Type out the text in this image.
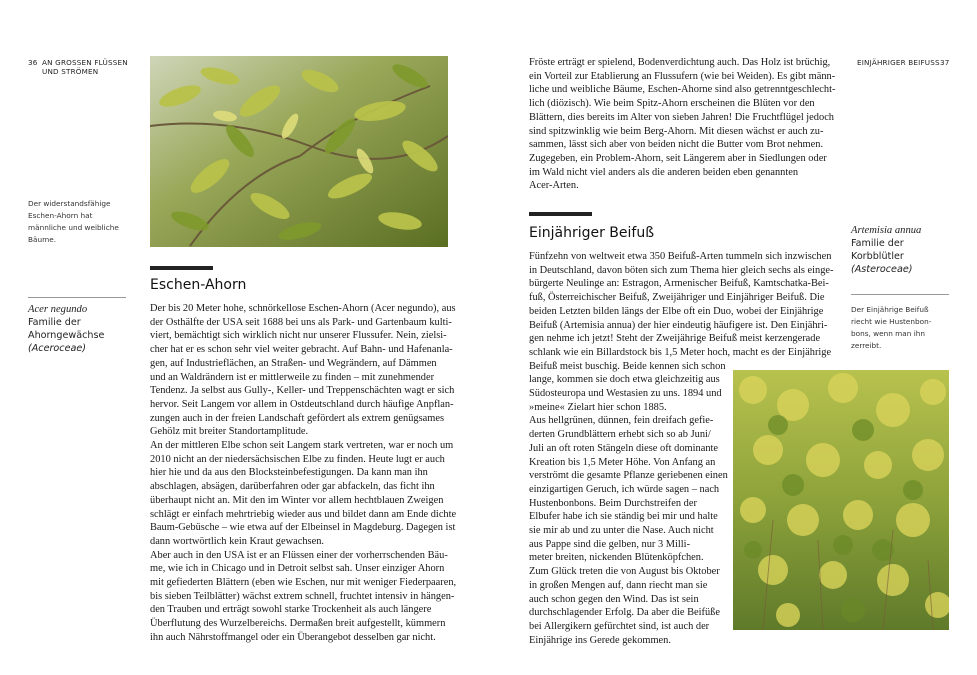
36 AN GROSSEN FLÜSSEN
UND STRÖMEN
Der widerstandsfähige
Eschen-Ahorn hat
männliche und weibliche
Bäume.
Eschen-Ahorn
Acer negundo
Familie der
Ahorngewächse
(Aceroceae)
Der bis 20 Meter hohe, schnörkellose Eschen-Ahorn (Acer negundo), aus
der Osthälfte der USA seit 1688 bei uns als Park- und Gartenbaum kulti-
viert, bemächtigt sich wirklich nicht nur unserer Flussufer. Nein, zielsi-
cher hat er es schon sehr viel weiter gebracht. Auf Bahn- und Hafenanla-
gen, auf Industrieflächen, an Straßen- und Wegrändern, auf Dämmen
und an Waldrändern ist er mittlerweile zu finden – mit zunehmender
Tendenz. Ja selbst aus Gully-, Keller- und Treppenschächten wagt er sich
hervor. Seit Langem vor allem in Ostdeutschland durch häufige Anpflan-
zungen auch in der freien Landschaft gefördert als extrem genügsames
Gehölz mit breiter Standortamplitude.
An der mittleren Elbe schon seit Langem stark vertreten, war er noch um
2010 nicht an der niedersächsischen Elbe zu finden. Heute lugt er auch
hier hie und da aus den Blocksteinbefestigungen. Da kann man ihn
abschlagen, absägen, darüberfahren oder gar abfackeln, das ficht ihn
überhaupt nicht an. Mit den im Winter vor allem hechtblauen Zweigen
schlägt er einfach mehrtriebig wieder aus und bildet dann am Ende dichte
Baum-Gebüsche – wie etwa auf der Elbeinsel in Magdeburg. Dagegen ist
dann wortwörtlich kein Kraut gewachsen.
Aber auch in den USA ist er an Flüssen einer der vorherrschenden Bäu-
me, wie ich in Chicago und in Detroit selbst sah. Unser einziger Ahorn
mit gefiederten Blättern (eben wie Eschen, nur mit weniger Fiederpaaren,
bis sieben Teilblätter) wächst extrem schnell, fruchtet intensiv in hängen-
den Trauben und erträgt sowohl starke Trockenheit als auch längere
Überflutung des Wurzelbereichs. Dermaßen breit aufgestellt, kümmern
ihn auch Nährstoffmangel oder ein Überangebot desselben gar nicht.
EINJÄHRIGER BEIFUSS 37
Fröste erträgt er spielend, Bodenverdichtung auch. Das Holz ist brüchig,
ein Vorteil zur Etablierung an Flussufern (wie bei Weiden). Es gibt männ-
liche und weibliche Bäume, Eschen-Ahorne sind also getrenntgeschlecht-
lich (diözisch). Wie beim Spitz-Ahorn erscheinen die Blüten vor den
Blättern, dies bereits im Alter von sieben Jahren! Die Fruchtflügel jedoch
sind spitzwinklig wie beim Berg-Ahorn. Mit diesen wächst er auch zu-
sammen, lässt sich aber von beiden nicht die Butter vom Brot nehmen.
Zugegeben, ein Problem-Ahorn, seit Längerem aber in Siedlungen oder
im Wald nicht viel anders als die anderen beiden eben genannten
Acer-Arten.
Einjähriger Beifuß	Artemisia annua
Familie der
Korbblütler
(Asteroceae)
Der Einjährige Beifuß
riecht wie Hustenbon-
bons, wenn man ihn
zerreibt.
Fünfzehn von weltweit etwa 350 Beifuß-Arten tummeln sich inzwischen
in Deutschland, davon böten sich zum Thema hier gleich sechs als einge-
bürgerte Neulinge an: Estragon, Armenischer Beifuß, Kamtschatka-Bei-
fuß, Österreichischer Beifuß, Zweijähriger und Einjähriger Beifuß. Die
beiden Letzten bilden längs der Elbe oft ein Duo, wobei der Einjährige
Beifuß (Artemisia annua) der hier eindeutig häufigere ist. Den Einjähri-
gen nehme ich jetzt! Steht der Zweijährige Beifuß meist kerzengerade
schlank wie ein Billardstock bis 1,5 Meter hoch, macht es der Einjährige
Beifuß meist buschig. Beide kennen sich schon
lange, kommen sie doch etwa gleichzeitig aus
Südosteuropa und Westasien zu uns. 1894 und
»meine« Zielart hier schon 1885.
Aus hellgrünen, dünnen, fein dreifach gefie-
derten Grundblättern erhebt sich so ab Juni/
Juli an oft roten Stängeln diese oft dominante
Kreation bis 1,5 Meter Höhe. Von Anfang an
verströmt die gesamte Pflanze geriebenen einen
einzigartigen Geruch, ich würde sagen – nach
Hustenbonbons. Beim Durchstreifen der
Elbufer habe ich sie ständig bei mir und halte
sie mir ab und zu unter die Nase. Auch nicht
aus Pappe sind die gelben, nur 3 Milli-
meter breiten, nickenden Blütenköpfchen.
Zum Glück treten die von August bis Oktober
in großen Mengen auf, dann riecht man sie
auch schon gegen den Wind. Das ist sein
durchschlagender Erfolg. Da aber die Beifüße
bei Allergikern gefürchtet sind, ist auch der
Einjährige ins Gerede gekommen.
